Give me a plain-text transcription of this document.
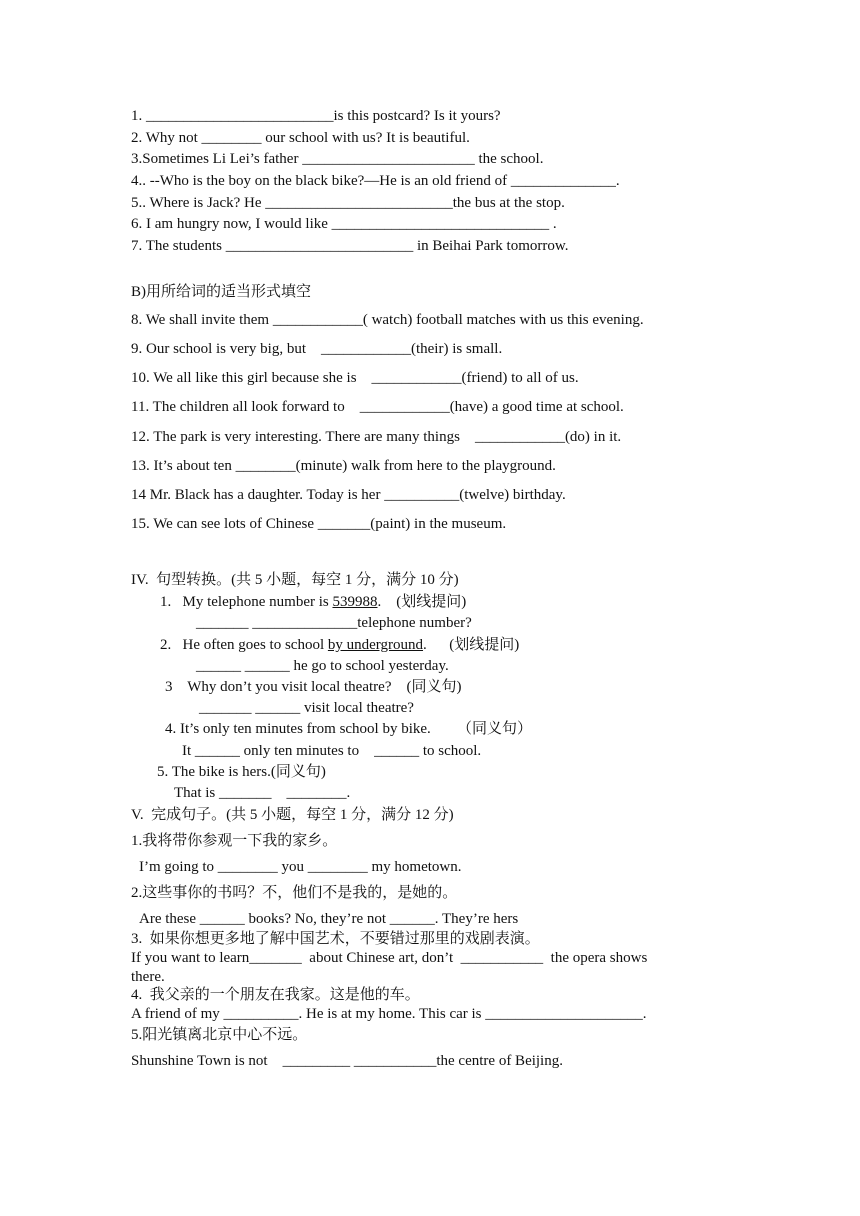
1. _________________________is this postcard? Is it yours?
2. Why not ________ our school with us? It is beautiful.
3.Sometimes Li Lei’s father _______________________ the school.
4.. --Who is the boy on the black bike?—He is an old friend of ______________.
5.. Where is Jack? He _________________________the bus at the stop.
6. I am hungry now, I would like _____________________________ .
7. The students _________________________ in Beihai Park tomorrow.
B)用所给词的适当形式填空
8. We shall invite them ____________( watch) football matches with us this evening.
9. Our school is very big, but    ____________(their) is small.
10. We all like this girl because she is    ____________(friend) to all of us.
11. The children all look forward to    ____________(have) a good time at school.
12. The park is very interesting. There are many things    ____________(do) in it.
13. It’s about ten ________(minute) walk from here to the playground.
14 Mr. Black has a daughter. Today is her __________(twelve) birthday.
15. We can see lots of Chinese _______(paint) in the museum.
IV.  句型转换。(共 5 小题，每空 1 分，满分 10 分)
1.   My telephone number is 539988.    (划线提问)
_______ ______________telephone number?
2.   He often goes to school by underground.      (划线提问)
______ ______ he go to school yesterday.
3    Why don’t you visit local theatre?    (同义句)
_______ ______ visit local theatre?
4. It’s only ten minutes from school by bike.       （同义句）
It ______ only ten minutes to    ______ to school.
5. The bike is hers.(同义句)
That is _______    ________.
V.  完成句子。(共 5 小题，每空 1 分，满分 12 分)
1.我将带你参观一下我的家乡。
I’m going to ________ you ________ my hometown.
2.这些事你的书吗？不，他们不是我的，是她的。
Are these ______ books? No, they’re not ______. They’re hers
3.  如果你想更多地了解中国艺术，不要错过那里的戏剧表演。
If you want to learn_______  about Chinese art, don’t  ___________  the opera shows
there.
4.  我父亲的一个朋友在我家。这是他的车。
A friend of my __________. He is at my home. This car is _____________________.
5.阳光镇离北京中心不远。
Shunshine Town is not    _________ ___________the centre of Beijing.
